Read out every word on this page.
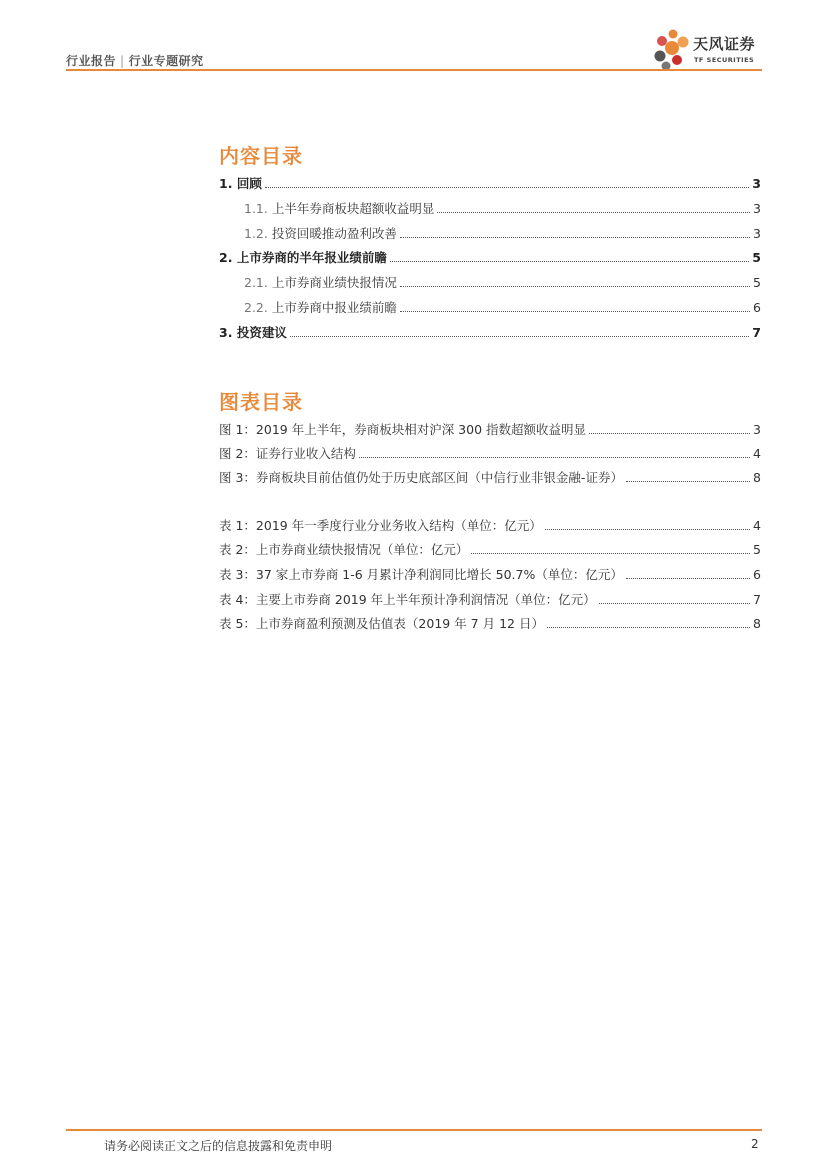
行业报告 | 行业专题研究
天风证券
TF SECURITIES
内容目录
1. 回顾	3
1.1. 上半年券商板块超额收益明显	3
1.2. 投资回暖推动盈利改善	3
2. 上市券商的半年报业绩前瞻	5
2.1. 上市券商业绩快报情况	5
2.2. 上市券商中报业绩前瞻	6
3. 投资建议	7
图表目录
图 1：2019 年上半年，券商板块相对沪深 300 指数超额收益明显	3
图 2：证券行业收入结构	4
图 3：券商板块目前估值仍处于历史底部区间（中信行业非银金融-证券）	8
表 1：2019 年一季度行业分业务收入结构（单位：亿元）	4
表 2：上市券商业绩快报情况（单位：亿元）	5
表 3：37 家上市券商 1-6 月累计净利润同比增长 50.7%（单位：亿元）	6
表 4：主要上市券商 2019 年上半年预计净利润情况（单位：亿元）	7
表 5：上市券商盈利预测及估值表（2019 年 7 月 12 日）	8
请务必阅读正文之后的信息披露和免责申明	2
